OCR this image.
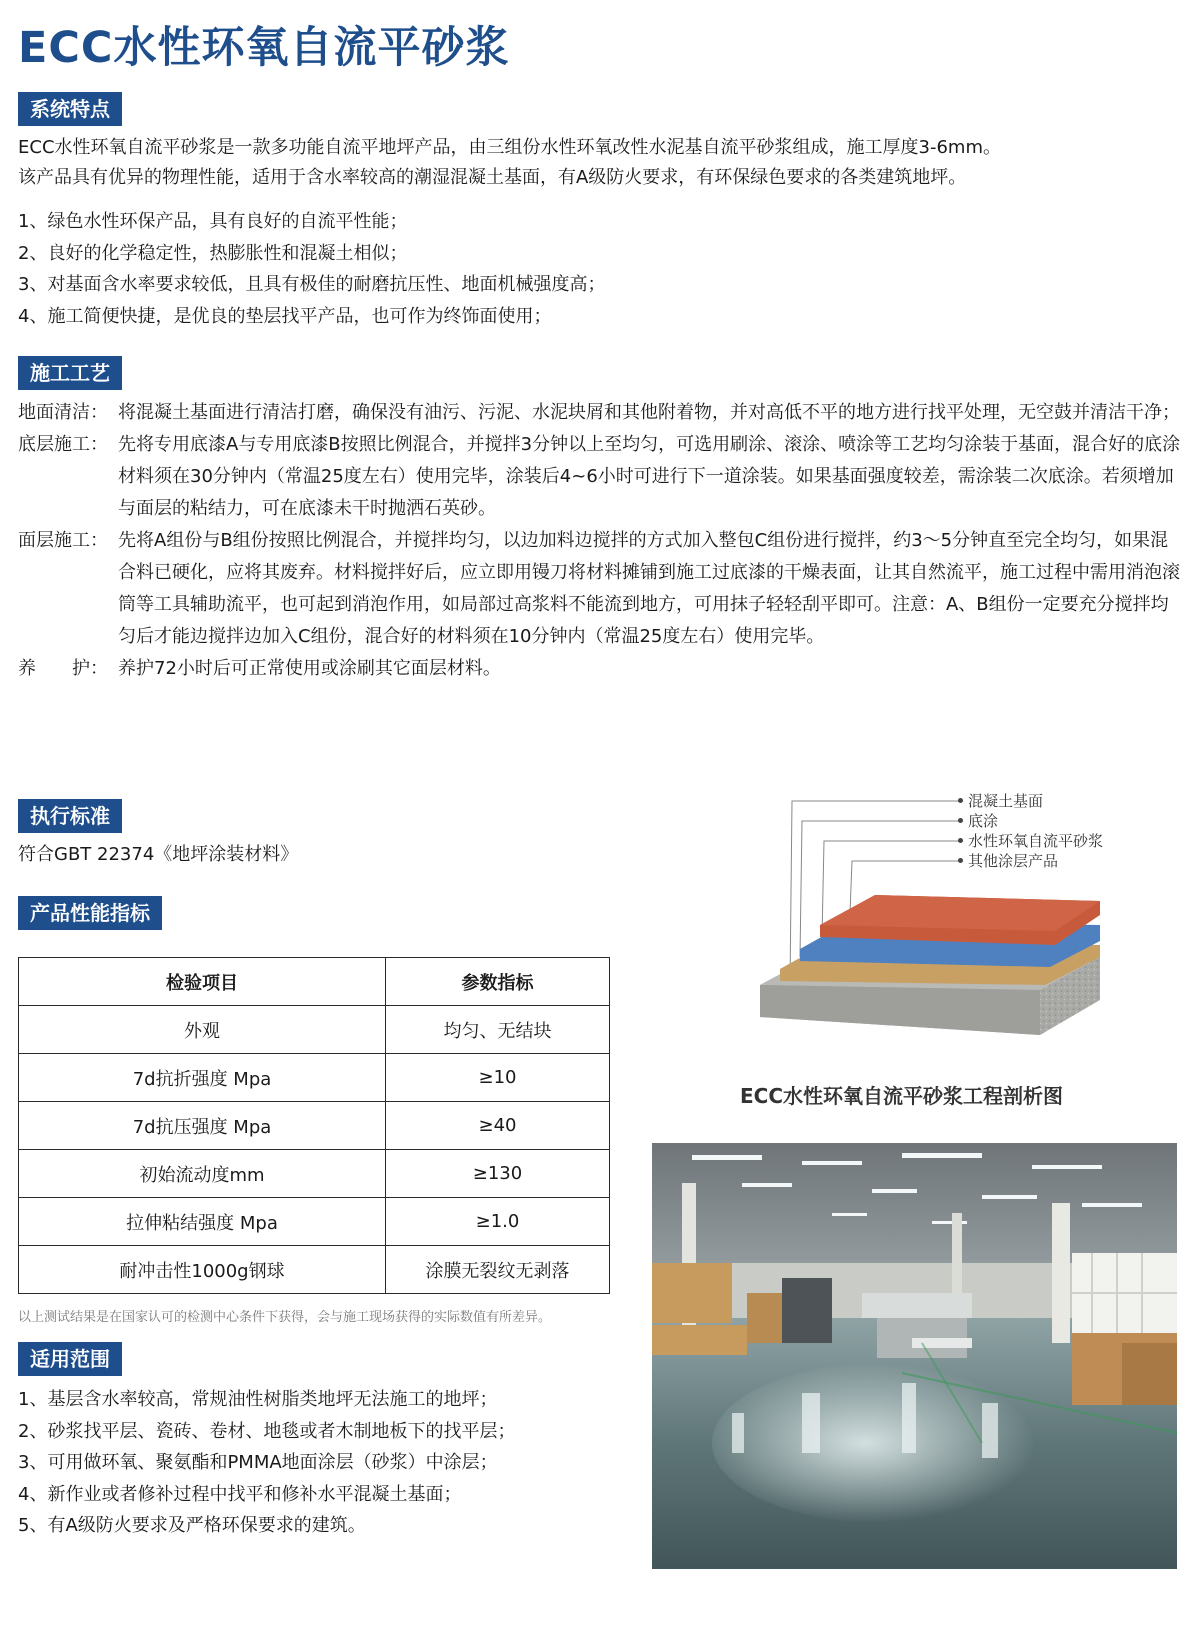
ECC水性环氧自流平砂浆
系统特点
ECC水性环氧自流平砂浆是一款多功能自流平地坪产品，由三组份水性环氧改性水泥基自流平砂浆组成，施工厚度3-6mm。
该产品具有优异的物理性能，适用于含水率较高的潮湿混凝土基面，有A级防火要求，有环保绿色要求的各类建筑地坪。
1、绿色水性环保产品，具有良好的自流平性能；
2、良好的化学稳定性，热膨胀性和混凝土相似；
3、对基面含水率要求较低，且具有极佳的耐磨抗压性、地面机械强度高；
4、施工简便快捷，是优良的垫层找平产品，也可作为终饰面使用；
施工工艺
地面清洁： 将混凝土基面进行清洁打磨，确保没有油污、污泥、水泥块屑和其他附着物，并对高低不平的地方进行找平处理，无空鼓并清洁干净；
底层施工： 先将专用底漆A与专用底漆B按照比例混合，并搅拌3分钟以上至均匀，可选用刷涂、滚涂、喷涂等工艺均匀涂装于基面，混合好的底涂材料须在30分钟内（常温25度左右）使用完毕，涂装后4~6小时可进行下一道涂装。如果基面强度较差，需涂装二次底涂。若须增加与面层的粘结力，可在底漆未干时抛洒石英砂。
面层施工： 先将A组份与B组份按照比例混合，并搅拌均匀，以边加料边搅拌的方式加入整包C组份进行搅拌，约3～5分钟直至完全均匀，如果混合料已硬化，应将其废弃。材料搅拌好后，应立即用镘刀将材料摊铺到施工过底漆的干燥表面，让其自然流平，施工过程中需用消泡滚筒等工具辅助流平，也可起到消泡作用，如局部过高浆料不能流到地方，可用抹子轻轻刮平即可。注意：A、B组份一定要充分搅拌均匀后才能边搅拌边加入C组份，混合好的材料须在10分钟内（常温25度左右）使用完毕。
养　　护： 养护72小时后可正常使用或涂刷其它面层材料。
执行标准
符合GBT 22374《地坪涂装材料》
产品性能指标
检验项目	参数指标
外观	均匀、无结块
7d抗折强度 Mpa	≥10
7d抗压强度 Mpa	≥40
初始流动度mm	≥130
拉伸粘结强度 Mpa	≥1.0
耐冲击性1000g钢球	涂膜无裂纹无剥落
以上测试结果是在国家认可的检测中心条件下获得，会与施工现场获得的实际数值有所差异。
适用范围
1、基层含水率较高，常规油性树脂类地坪无法施工的地坪；
2、砂浆找平层、瓷砖、卷材、地毯或者木制地板下的找平层；
3、可用做环氧、聚氨酯和PMMA地面涂层（砂浆）中涂层；
4、新作业或者修补过程中找平和修补水平混凝土基面；
5、有A级防火要求及严格环保要求的建筑。
混凝土基面
底涂
水性环氧自流平砂浆
其他涂层产品
ECC水性环氧自流平砂浆工程剖析图
